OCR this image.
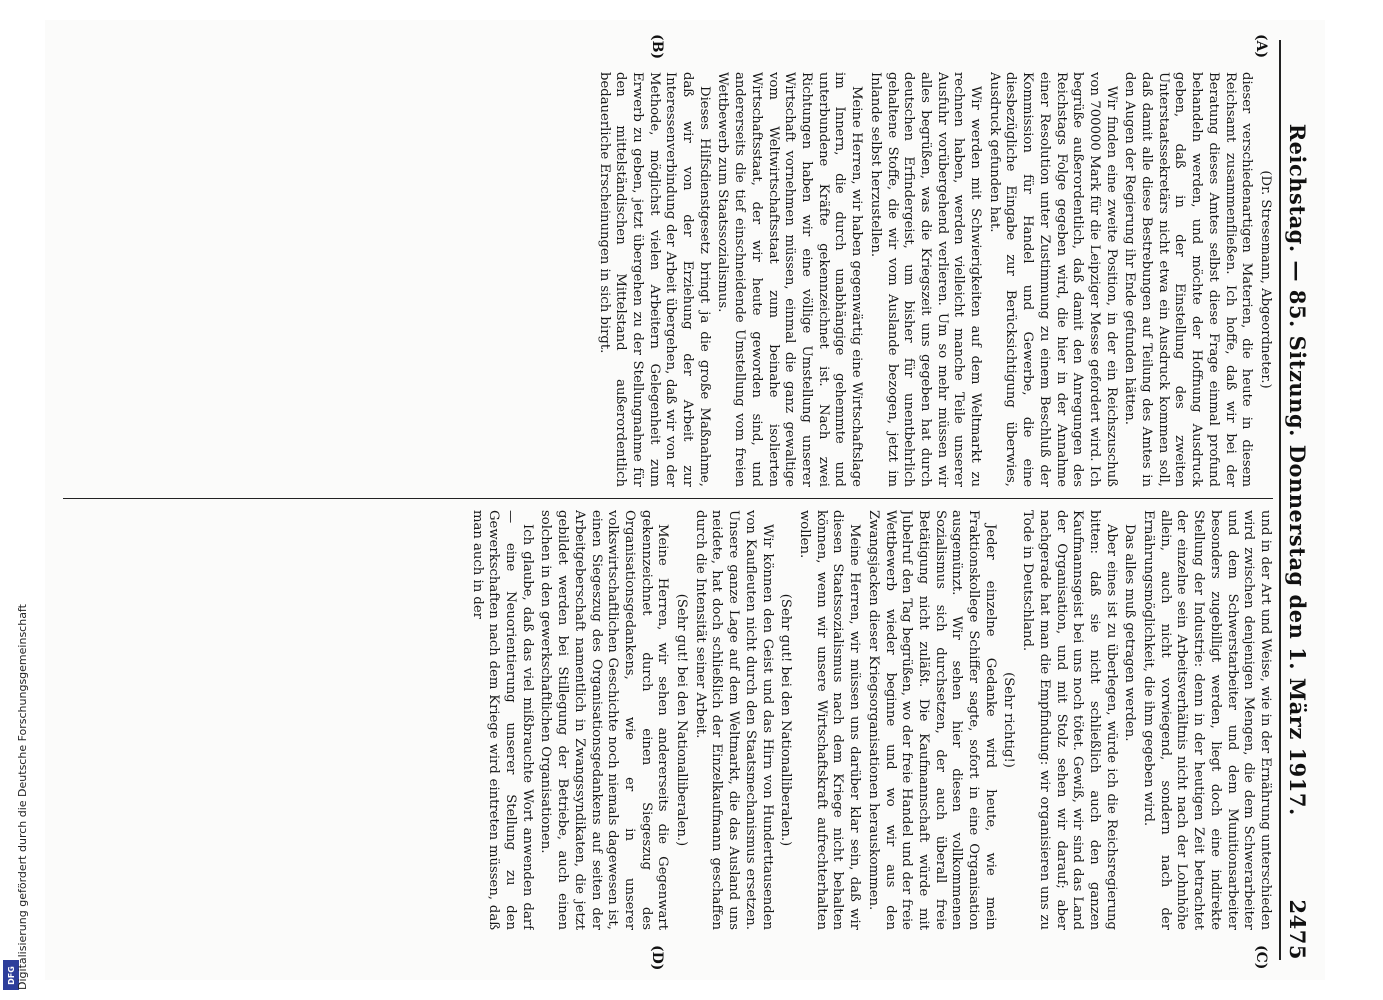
DFG Digitalisierung gefördert durch die Deutsche Forschungsgemeinschaft	Reichstag. — 85. Sitzung. Donnerstag den 1. März 1917.
2475
(A)
(B)
(C)
(D)

(Dr. Stresemann, Abgeordneter.)

dieser verschiedenartigen Materien, die heute in diesem Reichsamt zusammenfließen. Ich hoffe, daß wir bei der Beratung dieses Amtes selbst diese Frage einmal profund behandeln werden, und möchte der Hoffnung Ausdruck geben, daß in der Einstellung des zweiten Unterstaatssekretärs nicht etwa ein Ausdruck kommen soll, daß damit alle diese Bestrebungen auf Teilung des Amtes in den Augen der Regierung ihr Ende gefunden hätten.

Wir finden eine zweite Position, in der ein Reichszuschuß von 700000 Mark für die Leipziger Messe gefordert wird. Ich begrüße außerordentlich, daß damit den Anregungen des Reichstags Folge gegeben wird, die hier in der Annahme einer Resolution unter Zustimmung zu einem Beschluß der Kommission für Handel und Gewerbe, die eine diesbezügliche Eingabe zur Berücksichtigung überwies, Ausdruck gefunden hat.

Wir werden mit Schwierigkeiten auf dem Weltmarkt zu rechnen haben, werden vielleicht manche Teile unserer Ausfuhr vorübergehend verlieren. Um so mehr müssen wir alles begrüßen, was die Kriegszeit uns gegeben hat durch deutschen Erfindergeist, um bisher für unentbehrlich gehaltene Stoffe, die wir vom Auslande bezogen, jetzt im Inlande selbst herzustellen.

Meine Herren, wir haben gegenwärtig eine Wirtschaftslage im Innern, die durch unabhängige gehemmte und unterbundene Kräfte gekennzeichnet ist. Nach zwei Richtungen haben wir eine völlige Umstellung unserer Wirtschaft vornehmen müssen, einmal die ganz gewaltige vom Weltwirtschaftsstaat zum beinahe isolierten Wirtschaftsstaat, der wir heute geworden sind, und andererseits die tief einschneidende Umstellung vom freien Wettbewerb zum Staatssozialismus.

Dieses Hilfsdienstgesetz bringt ja die große Maßnahme, daß wir von der Erziehung der Arbeit zur Interessenverbindung der Arbeit übergehen, daß wir von der Methode, möglichst vielen Arbeitern Gelegenheit zum Erwerb zu geben, jetzt übergehen zu der Stellungnahme für den mittelständischen Mittelstand außerordentlich bedauerliche Erscheinungen in sich birgt.

und in der Art und Weise, wie in der Ernährung unterschieden wird zwischen denjenigen Mengen, die dem Schwerarbeiter und dem Schwerstarbeiter und dem Munitionsarbeiter besonders zugebilligt werden, liegt doch eine indirekte Stellung der Industrie: denn in der heutigen Zeit betrachtet der einzelne sein Arbeitsverhältnis nicht nach der Lohnhöhe allein, auch nicht vorwiegend, sondern nach der Ernährungsmöglichkeit, die ihm gegeben wird.

Das alles muß getragen werden.

Aber eines ist zu überlegen, würde ich die Reichsregierung bitten: daß sie nicht schließlich auch den ganzen Kaufmannsgeist bei uns noch tötet. Gewiß, wir sind das Land der Organisation, und mit Stolz sehen wir darauf; aber nachgerade hat man die Empfindung: wir organisieren uns zu Tode in Deutschland.

(Sehr richtig!)

Jeder einzelne Gedanke wird heute, wie mein Fraktionskollege Schiffer sagte, sofort in eine Organisation ausgemünzt. Wir sehen hier diesen vollkommenen Sozialismus sich durchsetzen, der auch überall freie Betätigung nicht zuläßt. Die Kaufmannschaft würde mit Jubelruf den Tag begrüßen, wo der freie Handel und der freie Wettbewerb wieder beginne und wo wir aus den Zwangsjacken dieser Kriegsorganisationen herauskommen.

Meine Herren, wir müssen uns darüber klar sein, daß wir diesen Staatssozialismus nach dem Kriege nicht behalten können, wenn wir unsere Wirtschaftskraft aufrechterhalten wollen.

(Sehr gut! bei den Nationalliberalen.)

Wir können den Geist und das Hirn von Hunderttausenden von Kaufleuten nicht durch den Staatsmechanismus ersetzen. Unsere ganze Lage auf dem Weltmarkt, die das Ausland uns neidete, hat doch schließlich der Einzelkaufmann geschaffen durch die Intensität seiner Arbeit.

(Sehr gut! bei den Nationalliberalen.)

Meine Herren, wir sehen andererseits die Gegenwart gekennzeichnet durch einen Siegeszug des Organisationsgedankens, wie er in unserer volkswirtschaftlichen Geschichte noch niemals dagewesen ist, einen Siegeszug des Organisationsgedankens auf seiten der Arbeitgeberschaft namentlich in Zwangssyndikaten, die jetzt gebildet werden bei Stillegung der Betriebe, auch einen solchen in den gewerkschaftlichen Organisationen.

Ich glaube, daß das viel mißbrauchte Wort anwenden darf — eine Neuorientierung unserer Stellung zu den Gewerkschaften nach dem Kriege wird eintreten müssen, daß man auch in der
